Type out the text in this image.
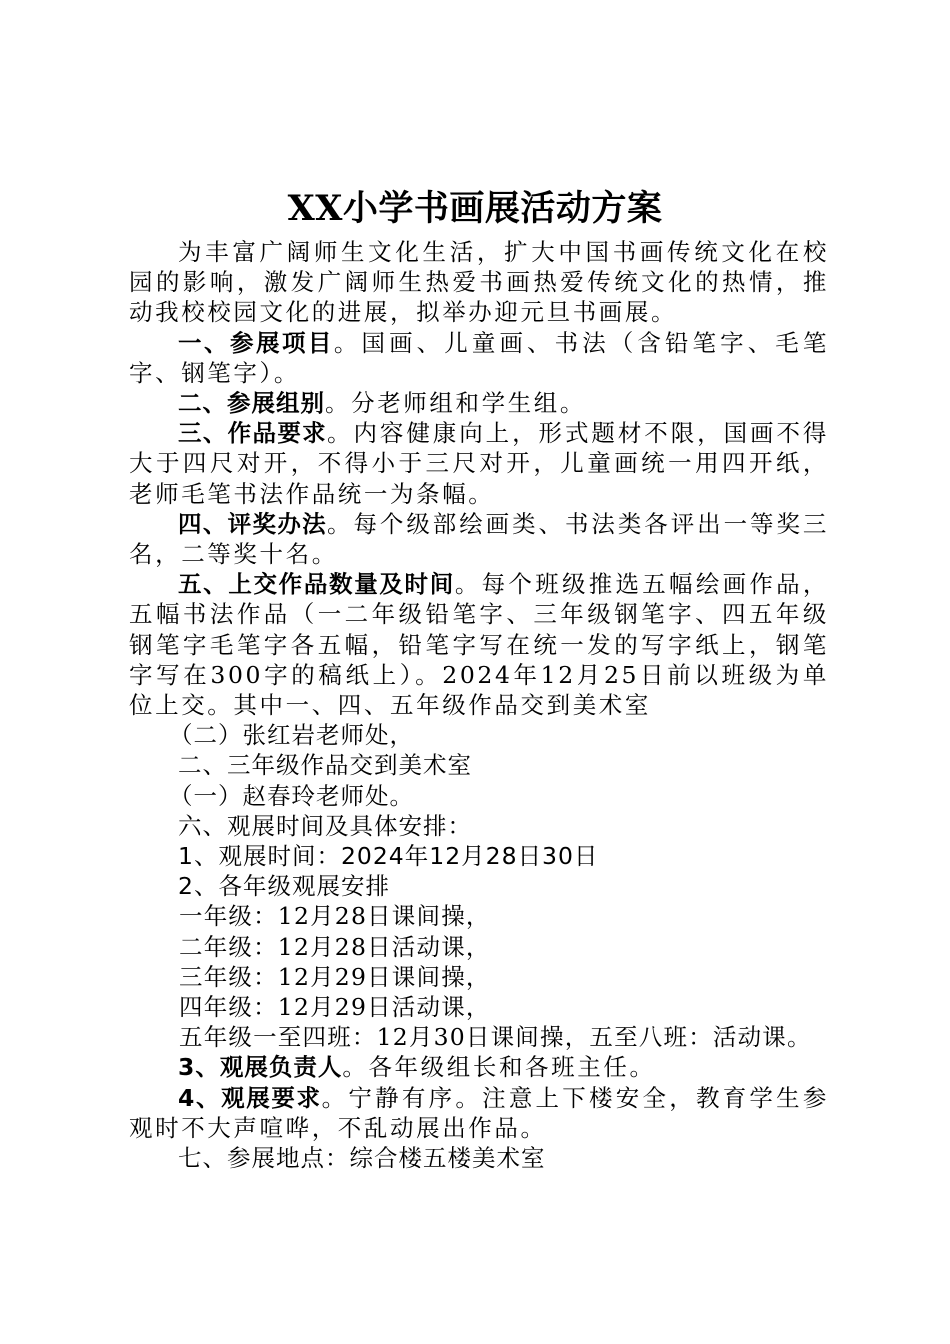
XX小学书画展活动方案

为丰富广阔师生文化生活，扩大中国书画传统文化在校园的影响，激发广阔师生热爱书画热爱传统文化的热情，推动我校校园文化的进展，拟举办迎元旦书画展。

一、参展项目。国画、儿童画、书法（含铅笔字、毛笔字、钢笔字）。

二、参展组别。分老师组和学生组。

三、作品要求。内容健康向上，形式题材不限，国画不得大于四尺对开，不得小于三尺对开，儿童画统一用四开纸，老师毛笔书法作品统一为条幅。

四、评奖办法。每个级部绘画类、书法类各评出一等奖三名，二等奖十名。

五、上交作品数量及时间。每个班级推选五幅绘画作品，五幅书法作品（一二年级铅笔字、三年级钢笔字、四五年级钢笔字毛笔字各五幅，铅笔字写在统一发的写字纸上，钢笔字写在300字的稿纸上）。2024年12月25日前以班级为单位上交。其中一、四、五年级作品交到美术室

（二）张红岩老师处，

二、三年级作品交到美术室

（一）赵春玲老师处。

六、观展时间及具体安排：

1、观展时间：2024年12月28日30日

2、各年级观展安排

一年级：12月28日课间操，

二年级：12月28日活动课，

三年级：12月29日课间操，

四年级：12月29日活动课，

五年级一至四班：12月30日课间操，五至八班：活动课。

3、观展负责人。各年级组长和各班主任。

4、观展要求。宁静有序。注意上下楼安全，教育学生参观时不大声喧哗，不乱动展出作品。

七、参展地点：综合楼五楼美术室
